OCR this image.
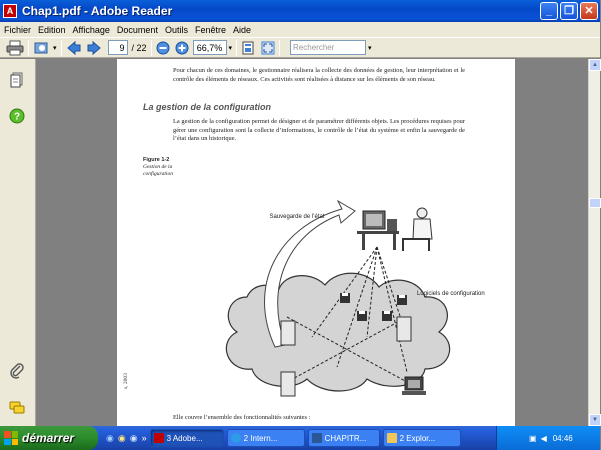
A Chap1.pdf - Adobe Reader	_	❐ ✕
Fichier Edition Affichage Document Outils Fenêtre Aide
▾	9 / 22	66,7% ▾	Rechercher	▾
?
Pour chacun de ces domaines, le gestionnaire réalisera la collecte des données de gestion, leur interprétation et le contrôle des éléments de réseaux. Ces activités sont réalisées à distance sur les éléments de son réseau.
La gestion de la configuration
La gestion de la configuration permet de désigner et de paramétrer différents objets. Les procédures requises pour gérer une configuration sont la collecte d’informations, le contrôle de l’état du système et enfin la sauvegarde de l’état dans un historique.
Figure 1-2
Gestion de la configuration
Sauvegarde de l’état
Logiciels de configuration
Elle couvre l’ensemble des fonctionnalités suivantes :
s, 2003
▲
▼
démarrer	◉ ◉ ◉ »	3 Adobe...	2 Intern...	CHAPITR...	2 Explor...	▣ ◀ 04:46
